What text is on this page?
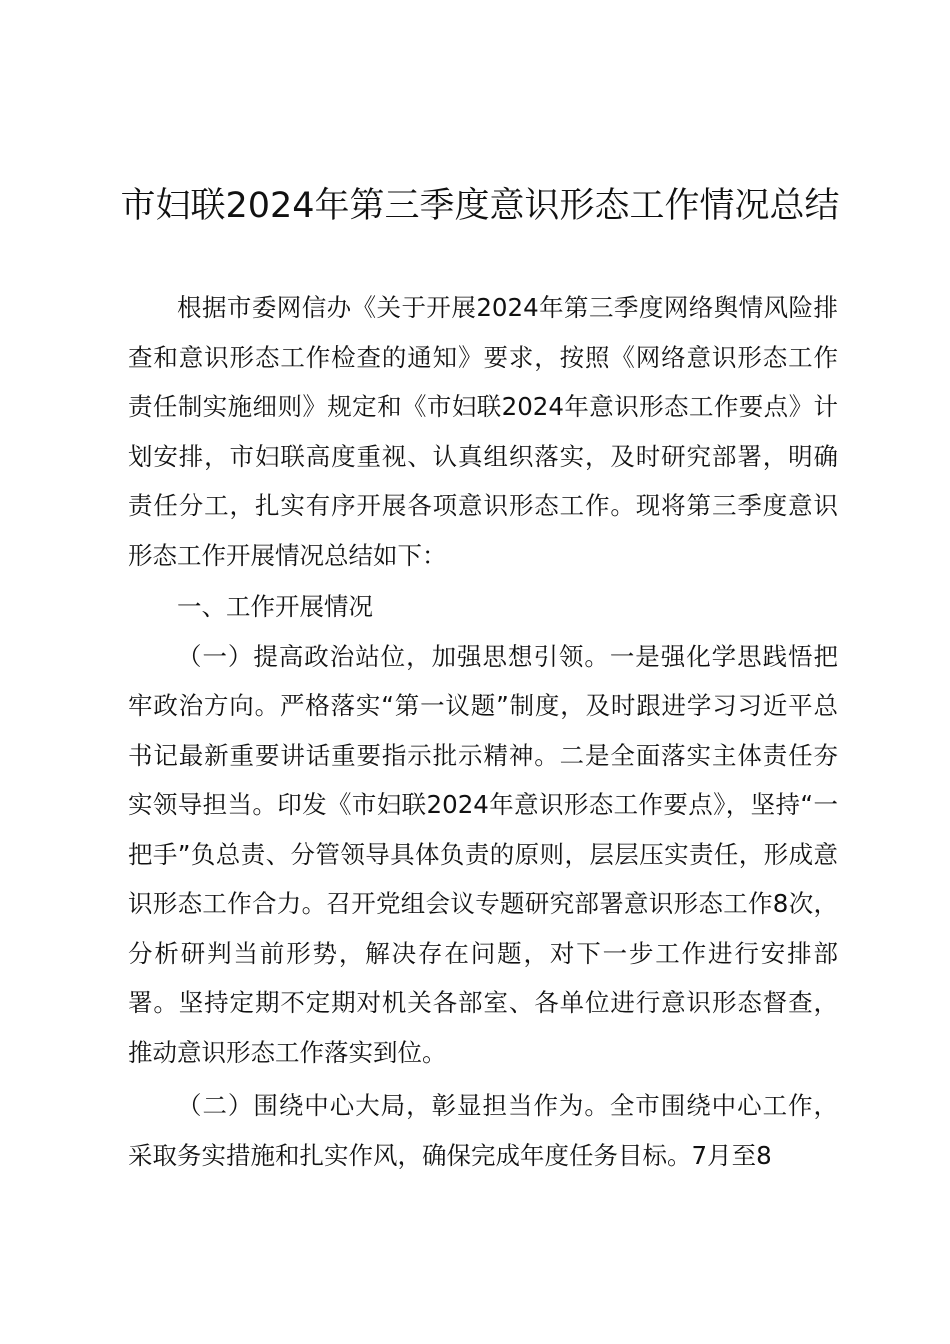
市妇联2024年第三季度意识形态工作情况总结

根据市委网信办《关于开展2024年第三季度网络舆情风险排查和意识形态工作检查的通知》要求，按照《网络意识形态工作责任制实施细则》规定和《市妇联2024年意识形态工作要点》计划安排，市妇联高度重视、认真组织落实，及时研究部署，明确责任分工，扎实有序开展各项意识形态工作。现将第三季度意识形态工作开展情况总结如下：

一、工作开展情况

（一）提高政治站位，加强思想引领。一是强化学思践悟把牢政治方向。严格落实“第一议题”制度，及时跟进学习习近平总书记最新重要讲话重要指示批示精神。二是全面落实主体责任夯实领导担当。印发《市妇联2024年意识形态工作要点》，坚持“一把手”负总责、分管领导具体负责的原则，层层压实责任，形成意识形态工作合力。召开党组会议专题研究部署意识形态工作8次，分析研判当前形势，解决存在问题，对下一步工作进行安排部署。坚持定期不定期对机关各部室、各单位进行意识形态督查，推动意识形态工作落实到位。

（二）围绕中心大局，彰显担当作为。全市围绕中心工作，采取务实措施和扎实作风，确保完成年度任务目标。7月至8
